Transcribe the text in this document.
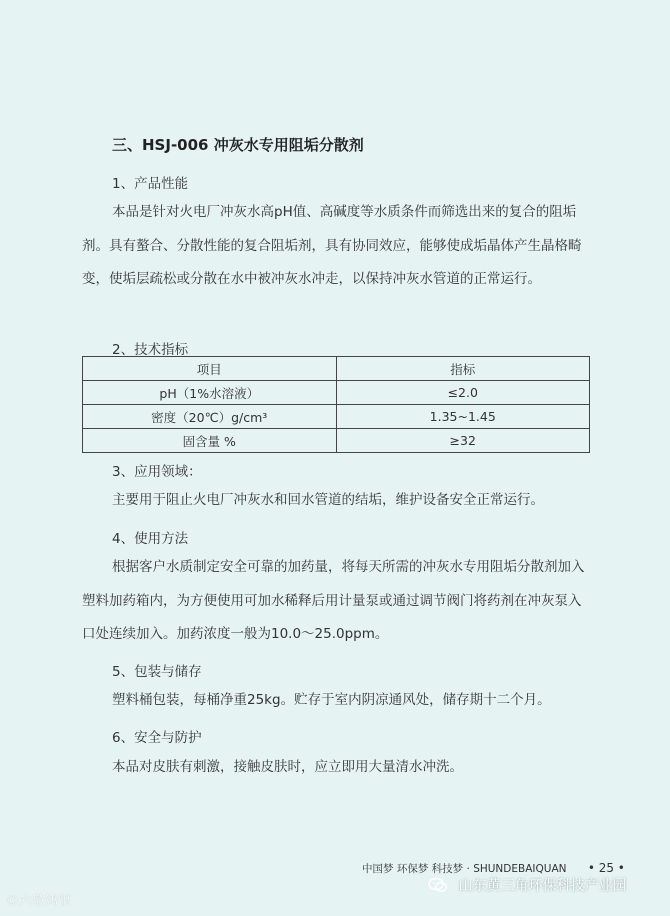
三、HSJ-006 冲灰水专用阻垢分散剂
1、产品性能

本品是针对火电厂冲灰水高pH值、高碱度等水质条件而筛选出来的复合的阻垢剂。具有螯合、分散性能的复合阻垢剂，具有协同效应，能够使成垢晶体产生晶格畸变，使垢层疏松或分散在水中被冲灰水冲走，以保持冲灰水管道的正常运行。

2、技术指标
项目	指标
pH（1%水溶液）	≤2.0
密度（20℃）g/cm³	1.35~1.45
固含量 %	≥32
3、应用领域：

主要用于阻止火电厂冲灰水和回水管道的结垢，维护设备安全正常运行。

4、使用方法

根据客户水质制定安全可靠的加药量，将每天所需的冲灰水专用阻垢分散剂加入塑料加药箱内，为方便使用可加水稀释后用计量泵或通过调节阀门将药剂在冲灰泵入口处连续加入。加药浓度一般为10.0～25.0ppm。

5、包装与储存

塑料桶包装，每桶净重25kg。贮存于室内阴凉通风处，储存期十二个月。

6、安全与防护

本品对皮肤有刺激，接触皮肤时，应立即用大量清水冲洗。

中国梦 环保梦 科技梦 · SHUNDEBAIQUAN • 25 •
©六敬鸿银
山东黄三角环保科技产业园
